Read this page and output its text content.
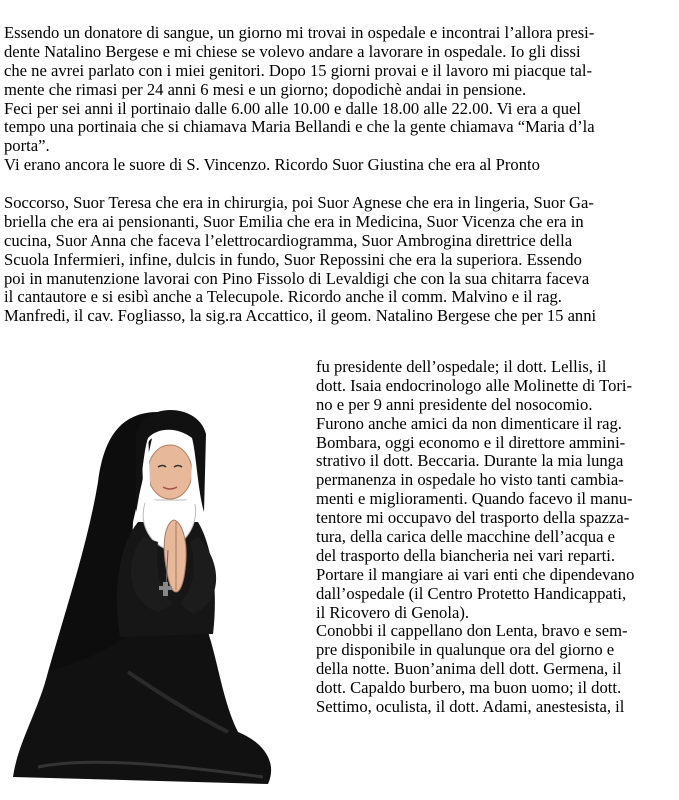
Essendo un donatore di sangue, un giorno mi trovai in ospedale e incontrai l’allora presi-
dente Natalino Bergese e mi chiese se volevo andare a lavorare in ospedale. Io gli dissi
che ne avrei parlato con i miei genitori. Dopo 15 giorni provai e il lavoro mi piacque tal-
mente che rimasi per 24 anni 6 mesi e un giorno; dopodichè andai in pensione.
Feci per sei anni il portinaio dalle 6.00 alle 10.00 e dalle 18.00 alle 22.00. Vi era a quel
tempo una portinaia che si chiamava Maria Bellandi e che la gente chiamava “Maria d’la
porta”.
Vi erano ancora le suore di S. Vincenzo. Ricordo Suor Giustina che era al Pronto
Soccorso, Suor Teresa che era in chirurgia, poi Suor Agnese che era in lingeria, Suor Ga-
briella che era ai pensionanti, Suor Emilia che era in Medicina, Suor Vicenza che era in
cucina, Suor Anna che faceva l’elettrocardiogramma, Suor Ambrogina direttrice della
Scuola Infermieri, infine, dulcis in fundo, Suor Repossini che era la superiora. Essendo
poi in manutenzione lavorai con Pino Fissolo di Levaldigi che con la sua chitarra faceva
il cantautore e si esibì anche a Telecupole. Ricordo anche il comm. Malvino e il rag.
Manfredi, il cav. Fogliasso, la sig.ra Accattico, il geom. Natalino Bergese che per 15 anni
fu presidente dell’ospedale; il dott. Lellis, il
dott. Isaia endocrinologo alle Molinette di Tori-
no e per 9 anni presidente del nosocomio.
Furono anche amici da non dimenticare il rag.
Bombara, oggi economo e il direttore ammini-
strativo il dott. Beccaria. Durante la mia lunga
permanenza in ospedale ho visto tanti cambia-
menti e miglioramenti. Quando facevo il manu-
tentore mi occupavo del trasporto della spazza-
tura, della carica delle macchine dell’acqua e
del trasporto della biancheria nei vari reparti.
Portare il mangiare ai vari enti che dipendevano
dall’ospedale (il Centro Protetto Handicappati,
il Ricovero di Genola).
Conobbi il cappellano don Lenta, bravo e sem-
pre disponibile in qualunque ora del giorno e
della notte. Buon’anima dell dott. Germena, il
dott. Capaldo burbero, ma buon uomo; il dott.
Settimo, oculista, il dott. Adami, anestesista, il
